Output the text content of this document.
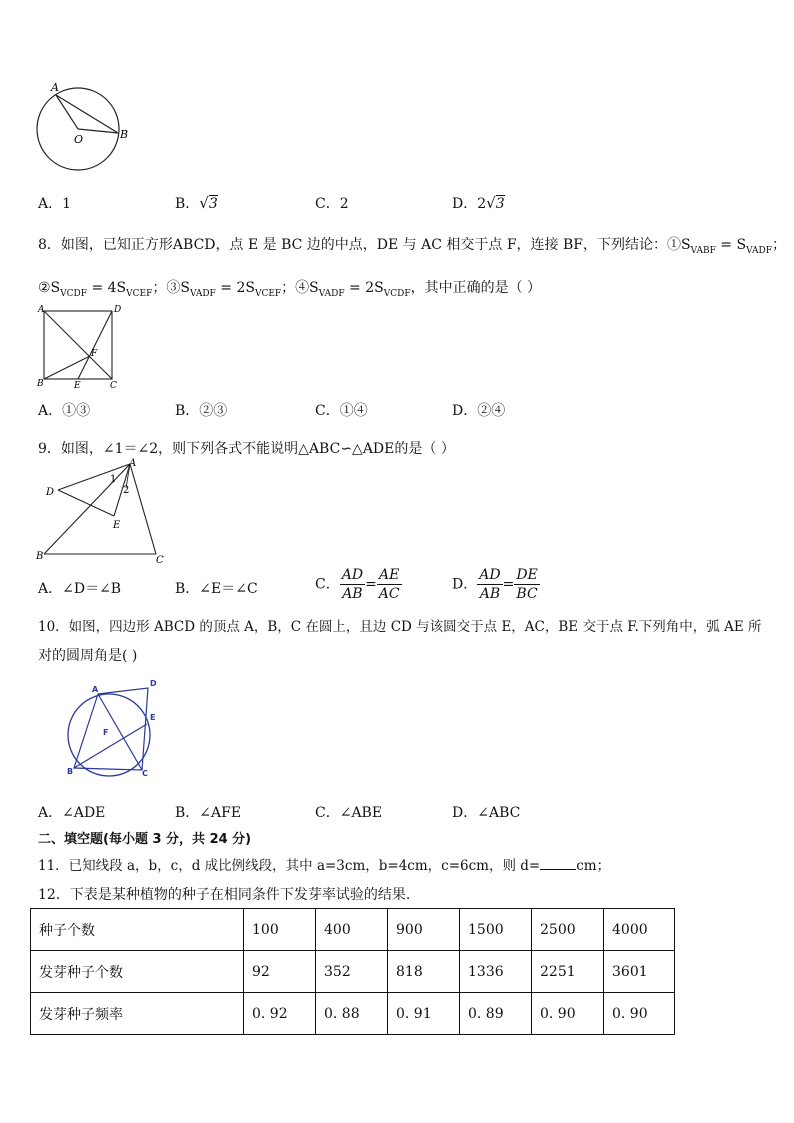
A
O	B
A．1	B．√3	C．2	D．2√3
8．如图，已知正方形ABCD，点 E 是 BC 边的中点，DE 与 AC 相交于点 F，连接 BF，下列结论：$①S_{VABF} = S_{VADF}$；
$②S_{VCDF} = 4S_{VCEF}$；$③S_{VADF} = 2S_{VCEF}$；$④S_{VADF} = 2S_{VCDF}$，其中正确的是（ ）
A	D
B	E	C
F
A．①③	B．②③	C．①④	D．②④
9．如图，∠1＝∠2，则下列各式不能说明△ABC∽△ADE的是（ ）
A
D
B	C
E
1
2
A．∠D＝∠B	B．∠E＝∠C	C． $\frac{AD}{AB} = \frac{AE}{AC}$	D． $\frac{AD}{AB} = \frac{DE}{BC}$
10．如图，四边形 ABCD 的顶点 A，B，C 在圆上，且边 CD 与该圆交于点 E，AC，BE 交于点 F.下列角中，弧 AE 所
对的圆周角是( )
A
D
E
F
B	C
A．∠ADE	B．∠AFE	C．∠ABE	D．∠ABC
二、填空题(每小题 3 分，共 24 分)
11．已知线段 a，b，c，d 成比例线段，其中 a=3cm，b=4cm，c=6cm，则 d=	cm；
12．下表是某种植物的种子在相同条件下发芽率试验的结果.
种子个数	100	400	900	1500	2500	4000
发芽种子个数	92	352	818	1336	2251	3601
发芽种子频率	0. 92	0. 88	0. 91	0. 89	0. 90	0. 90
